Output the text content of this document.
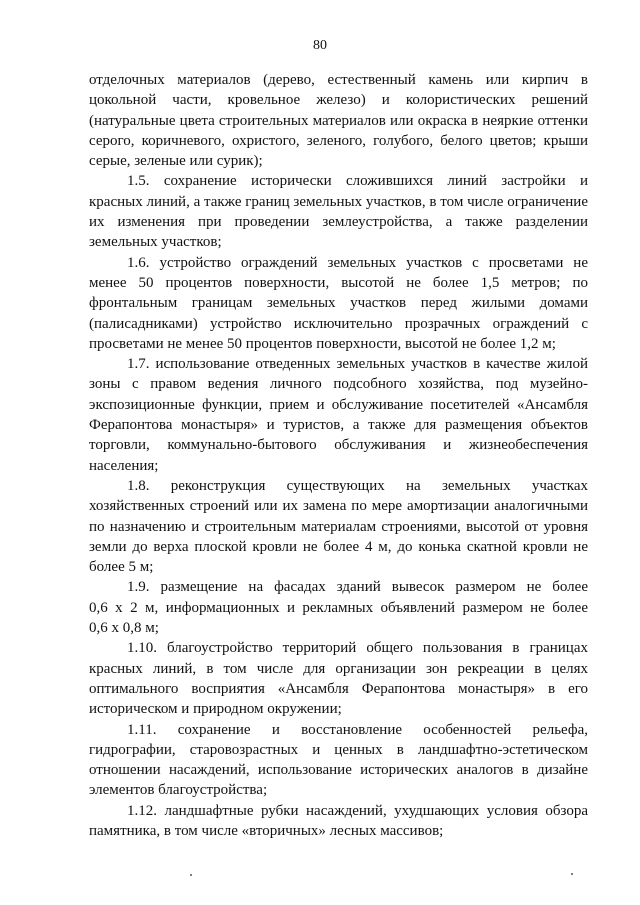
80
отделочных материалов (дерево, естественный камень или кирпич в
цокольной части, кровельное железо) и колористических решений
(натуральные цвета строительных материалов или окраска в неяркие оттенки
серого, коричневого, охристого, зеленого, голубого, белого цветов; крыши
серые, зеленые или сурик);
1.5. сохранение исторически сложившихся линий застройки и
красных линий, а также границ земельных участков, в том числе ограничение
их изменения при проведении землеустройства, а также разделении
земельных участков;
1.6. устройство ограждений земельных участков с просветами не
менее 50 процентов поверхности, высотой не более 1,5 метров; по
фронтальным границам земельных участков перед жилыми домами
(палисадниками) устройство исключительно прозрачных ограждений с
просветами не менее 50 процентов поверхности, высотой не более 1,2 м;
1.7. использование отведенных земельных участков в качестве жилой
зоны с правом ведения личного подсобного хозяйства, под музейно-
экспозиционные функции, прием и обслуживание посетителей «Ансамбля
Ферапонтова монастыря» и туристов, а также для размещения объектов
торговли, коммунально-бытового обслуживания и жизнеобеспечения
населения;
1.8. реконструкция существующих на земельных участках
хозяйственных строений или их замена по мере амортизации аналогичными
по назначению и строительным материалам строениями, высотой от уровня
земли до верха плоской кровли не более 4 м, до конька скатной кровли не
более 5 м;
1.9. размещение на фасадах зданий вывесок размером не более
0,6 х 2 м, информационных и рекламных объявлений размером не более
0,6 х 0,8 м;
1.10. благоустройство территорий общего пользования в границах
красных линий, в том числе для организации зон рекреации в целях
оптимального восприятия «Ансамбля Ферапонтова монастыря» в его
историческом и природном окружении;
1.11. сохранение и восстановление особенностей рельефа,
гидрографии, старовозрастных и ценных в ландшафтно-эстетическом
отношении насаждений, использование исторических аналогов в дизайне
элементов благоустройства;
1.12. ландшафтные рубки насаждений, ухудшающих условия обзора
памятника, в том числе «вторичных» лесных массивов;
